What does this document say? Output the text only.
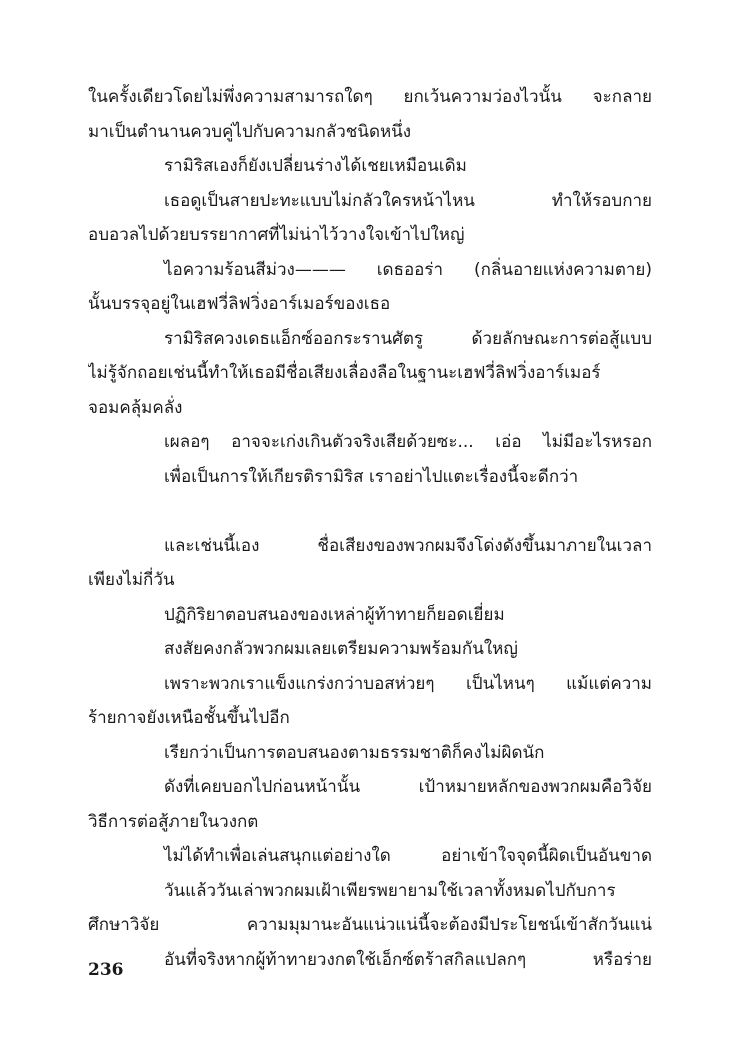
ในครั้งเดียวโดยไม่พึ่งความสามารถใดๆ ยกเว้นความว่องไวนั้น จะกลาย
มาเป็นตำนานควบคู่ไปกับความกลัวชนิดหนึ่ง
รามิริสเองก็ยังเปลี่ยนร่างได้เชยเหมือนเดิม
เธอดูเป็นสายปะทะแบบไม่กลัวใครหน้าไหน ทำให้รอบกาย
อบอวลไปด้วยบรรยากาศที่ไม่น่าไว้วางใจเข้าไปใหญ่
ไอความร้อนสีม่วง——— เดธออร่า (กลิ่นอายแห่งความตาย)
นั้นบรรจุอยู่ในเฮฟวี่ลิฟวิ่งอาร์เมอร์ของเธอ
รามิริสควงเดธแอ็กซ์ออกระรานศัตรู ด้วยลักษณะการต่อสู้แบบ
ไม่รู้จักถอยเช่นนี้ทำให้เธอมีชื่อเสียงเลื่องลือในฐานะเฮฟวี่ลิฟวิ่งอาร์เมอร์
จอมคลุ้มคลั่ง
เผลอๆ อาจจะเก่งเกินตัวจริงเสียด้วยซะ... เอ่อ ไม่มีอะไรหรอก
เพื่อเป็นการให้เกียรติรามิริส เราอย่าไปแตะเรื่องนี้จะดีกว่า
และเช่นนี้เอง ชื่อเสียงของพวกผมจึงโด่งดังขึ้นมาภายในเวลา
เพียงไม่กี่วัน
ปฏิกิริยาตอบสนองของเหล่าผู้ท้าทายก็ยอดเยี่ยม
สงสัยคงกลัวพวกผมเลยเตรียมความพร้อมกันใหญ่
เพราะพวกเราแข็งแกร่งกว่าบอสห่วยๆ เป็นไหนๆ แม้แต่ความ
ร้ายกาจยังเหนือชั้นขึ้นไปอีก
เรียกว่าเป็นการตอบสนองตามธรรมชาติก็คงไม่ผิดนัก
ดังที่เคยบอกไปก่อนหน้านั้น เป้าหมายหลักของพวกผมคือวิจัย
วิธีการต่อสู้ภายในวงกต
ไม่ได้ทำเพื่อเล่นสนุกแต่อย่างใด อย่าเข้าใจจุดนี้ผิดเป็นอันขาด
วันแล้ววันเล่าพวกผมเฝ้าเพียรพยายามใช้เวลาทั้งหมดไปกับการ
ศึกษาวิจัย ความมุมานะอันแน่วแน่นี้จะต้องมีประโยชน์เข้าสักวันแน่
อันที่จริงหากผู้ท้าทายวงกตใช้เอ็กซ์ตร้าสกิลแปลกๆ หรือร่าย
236
